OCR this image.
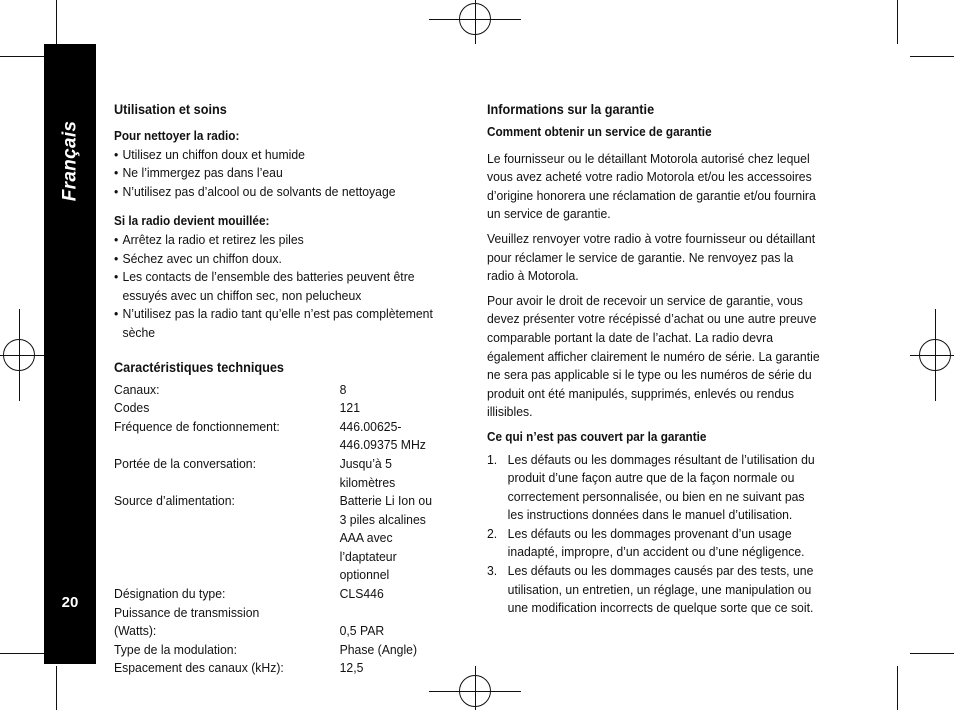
Français
20
Utilisation et soins
Pour nettoyer la radio:
• Utilisez un chiffon doux et humide
• Ne l’immergez pas dans l’eau
• N’utilisez pas d’alcool ou de solvants de nettoyage
Si la radio devient mouillée:
• Arrêtez la radio et retirez les piles
• Séchez avec un chiffon doux.
• Les contacts de l’ensemble des batteries peuvent être essuyés avec un chiffon sec, non pelucheux
• N’utilisez pas la radio tant qu’elle n’est pas complètement sèche
Caractéristiques techniques
Canaux:	8
Codes	121
Fréquence de fonctionnement:	446.00625-446.09375 MHz
Portée de la conversation:	Jusqu’à 5 kilomètres
Source d’alimentation:	Batterie Li Ion ou 3 piles alcalines AAA avec l’daptateur optionnel
Désignation du type:	CLS446
Puissance de transmission (Watts):	0,5 PAR
Type de la modulation:	Phase (Angle)
Espacement des canaux (kHz):	12,5
Informations sur la garantie
Comment obtenir un service de garantie

Le fournisseur ou le détaillant Motorola autorisé chez lequel vous avez acheté votre radio Motorola et/ou les accessoires d’origine honorera une réclamation de garantie et/ou fournira un service de garantie.

Veuillez renvoyer votre radio à votre fournisseur ou détaillant pour réclamer le service de garantie. Ne renvoyez pas la radio à Motorola.

Pour avoir le droit de recevoir un service de garantie, vous devez présenter votre récépissé d’achat ou une autre preuve comparable portant la date de l’achat. La radio devra également afficher clairement le numéro de série. La garantie ne sera pas applicable si le type ou les numéros de série du produit ont été manipulés, supprimés, enlevés ou rendus illisibles.

Ce qui n’est pas couvert par la garantie
1. Les défauts ou les dommages résultant de l’utilisation du produit d’une façon autre que de la façon normale ou correctement personnalisée, ou bien en ne suivant pas les instructions données dans le manuel d’utilisation.
2. Les défauts ou les dommages provenant d’un usage inadapté, impropre, d’un accident ou d’une négligence.
3. Les défauts ou les dommages causés par des tests, une utilisation, un entretien, un réglage, une manipulation ou une modification incorrects de quelque sorte que ce soit.
